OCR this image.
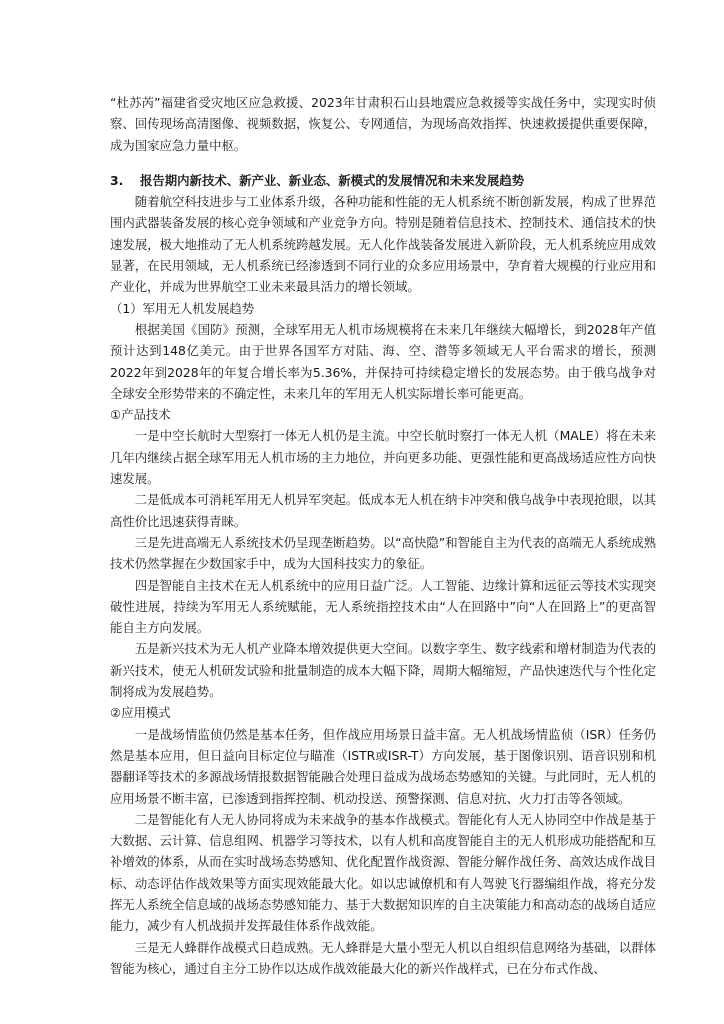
“杜苏芮”福建省受灾地区应急救援、2023年甘肃积石山县地震应急救援等实战任务中，实现实时侦察、回传现场高清图像、视频数据，恢复公、专网通信，为现场高效指挥、快速救援提供重要保障，成为国家应急力量中枢。

3. 报告期内新技术、新产业、新业态、新模式的发展情况和未来发展趋势

随着航空科技进步与工业体系升级，各种功能和性能的无人机系统不断创新发展，构成了世界范围内武器装备发展的核心竞争领域和产业竞争方向。特别是随着信息技术、控制技术、通信技术的快速发展，极大地推动了无人机系统跨越发展。无人化作战装备发展进入新阶段，无人机系统应用成效显著，在民用领域，无人机系统已经渗透到不同行业的众多应用场景中，孕育着大规模的行业应用和产业化，并成为世界航空工业未来最具活力的增长领域。

（1）军用无人机发展趋势

根据美国《国防》预测，全球军用无人机市场规模将在未来几年继续大幅增长，到2028年产值预计达到148亿美元。由于世界各国军方对陆、海、空、潜等多领域无人平台需求的增长，预测2022年到2028年的年复合增长率为5.36%，并保持可持续稳定增长的发展态势。由于俄乌战争对全球安全形势带来的不确定性，未来几年的军用无人机实际增长率可能更高。

①产品技术

一是中空长航时大型察打一体无人机仍是主流。中空长航时察打一体无人机（MALE）将在未来几年内继续占据全球军用无人机市场的主力地位，并向更多功能、更强性能和更高战场适应性方向快速发展。

二是低成本可消耗军用无人机异军突起。低成本无人机在纳卡冲突和俄乌战争中表现抢眼，以其高性价比迅速获得青睐。

三是先进高端无人系统技术仍呈现垄断趋势。以“高快隐”和智能自主为代表的高端无人系统成熟技术仍然掌握在少数国家手中，成为大国科技实力的象征。

四是智能自主技术在无人机系统中的应用日益广泛。人工智能、边缘计算和远征云等技术实现突破性进展，持续为军用无人系统赋能，无人系统指控技术由“人在回路中”向“人在回路上”的更高智能自主方向发展。

五是新兴技术为无人机产业降本增效提供更大空间。以数字孪生、数字线索和增材制造为代表的新兴技术，使无人机研发试验和批量制造的成本大幅下降，周期大幅缩短，产品快速迭代与个性化定制将成为发展趋势。

②应用模式

一是战场情监侦仍然是基本任务，但作战应用场景日益丰富。无人机战场情监侦（ISR）任务仍然是基本应用，但日益向目标定位与瞄准（ISTR或ISR-T）方向发展，基于图像识别、语音识别和机器翻译等技术的多源战场情报数据智能融合处理日益成为战场态势感知的关键。与此同时，无人机的应用场景不断丰富，已渗透到指挥控制、机动投送、预警探测、信息对抗、火力打击等各领域。

二是智能化有人无人协同将成为未来战争的基本作战模式。智能化有人无人协同空中作战是基于大数据、云计算、信息组网、机器学习等技术，以有人机和高度智能自主的无人机形成功能搭配和互补增效的体系，从而在实时战场态势感知、优化配置作战资源、智能分解作战任务、高效达成作战目标、动态评估作战效果等方面实现效能最大化。如以忠诚僚机和有人驾驶飞行器编组作战，将充分发挥无人系统全信息域的战场态势感知能力、基于大数据知识库的自主决策能力和高动态的战场自适应能力，减少有人机战损并发挥最佳体系作战效能。

三是无人蜂群作战模式日趋成熟。无人蜂群是大量小型无人机以自组织信息网络为基础，以群体智能为核心，通过自主分工协作以达成作战效能最大化的新兴作战样式，已在分布式作战、
